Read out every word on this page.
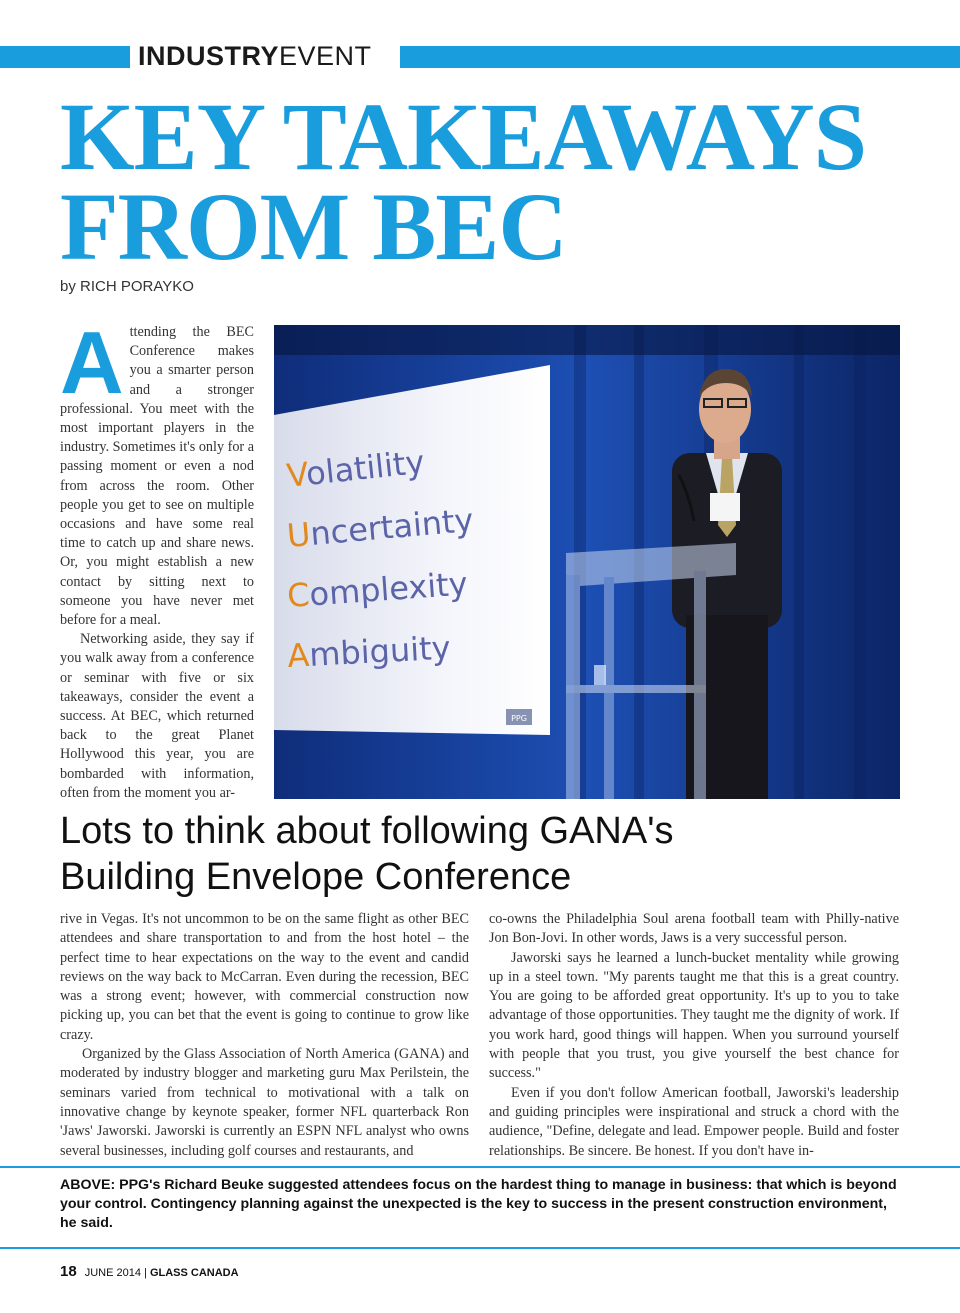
INDUSTRYEVENT
KEY TAKEAWAYS
FROM BEC
by RICH PORAYKO

Attending the BEC Conference makes you a smarter person and a stronger professional. You meet with the most important players in the industry. Sometimes it's only for a passing moment or even a nod from across the room. Other people you get to see on multiple occasions and have some real time to catch up and share news. Or, you might establish a new contact by sitting next to someone you have never met before for a meal.

Networking aside, they say if you walk away from a conference or seminar with five or six takeaways, consider the event a success. At BEC, which returned back to the great Planet Hollywood this year, you are bombarded with information, often from the moment you ar-

Volatility
Uncertainty
Complexity
Ambiguity
PPG
Lots to think about following GANA's
Building Envelope Conference

rive in Vegas. It's not uncommon to be on the same flight as other BEC attendees and share transportation to and from the host hotel – the perfect time to hear expectations on the way to the event and candid reviews on the way back to McCarran. Even during the recession, BEC was a strong event; however, with commercial construction now picking up, you can bet that the event is going to continue to grow like crazy.

Organized by the Glass Association of North America (GANA) and moderated by industry blogger and marketing guru Max Perilstein, the seminars varied from technical to motivational with a talk on innovative change by keynote speaker, former NFL quarterback Ron 'Jaws' Jaworski. Jaworski is currently an ESPN NFL analyst who owns several businesses, including golf courses and restaurants, and

co-owns the Philadelphia Soul arena football team with Philly-native Jon Bon-Jovi. In other words, Jaws is a very successful person.

Jaworski says he learned a lunch-bucket mentality while growing up in a steel town. "My parents taught me that this is a great country. You are going to be afforded great opportunity. It's up to you to take advantage of those opportunities. They taught me the dignity of work. If you work hard, good things will happen. When you surround yourself with people that you trust, you give yourself the best chance for success."

Even if you don't follow American football, Jaworski's leadership and guiding principles were inspirational and struck a chord with the audience, "Define, delegate and lead. Empower people. Build and foster relationships. Be sincere. Be honest. If you don't have in-

ABOVE: PPG's Richard Beuke suggested attendees focus on the hardest thing to manage in business: that which is beyond your control. Contingency planning against the unexpected is the key to success in the present construction environment, he said.
18 JUNE 2014 | GLASS CANADA
